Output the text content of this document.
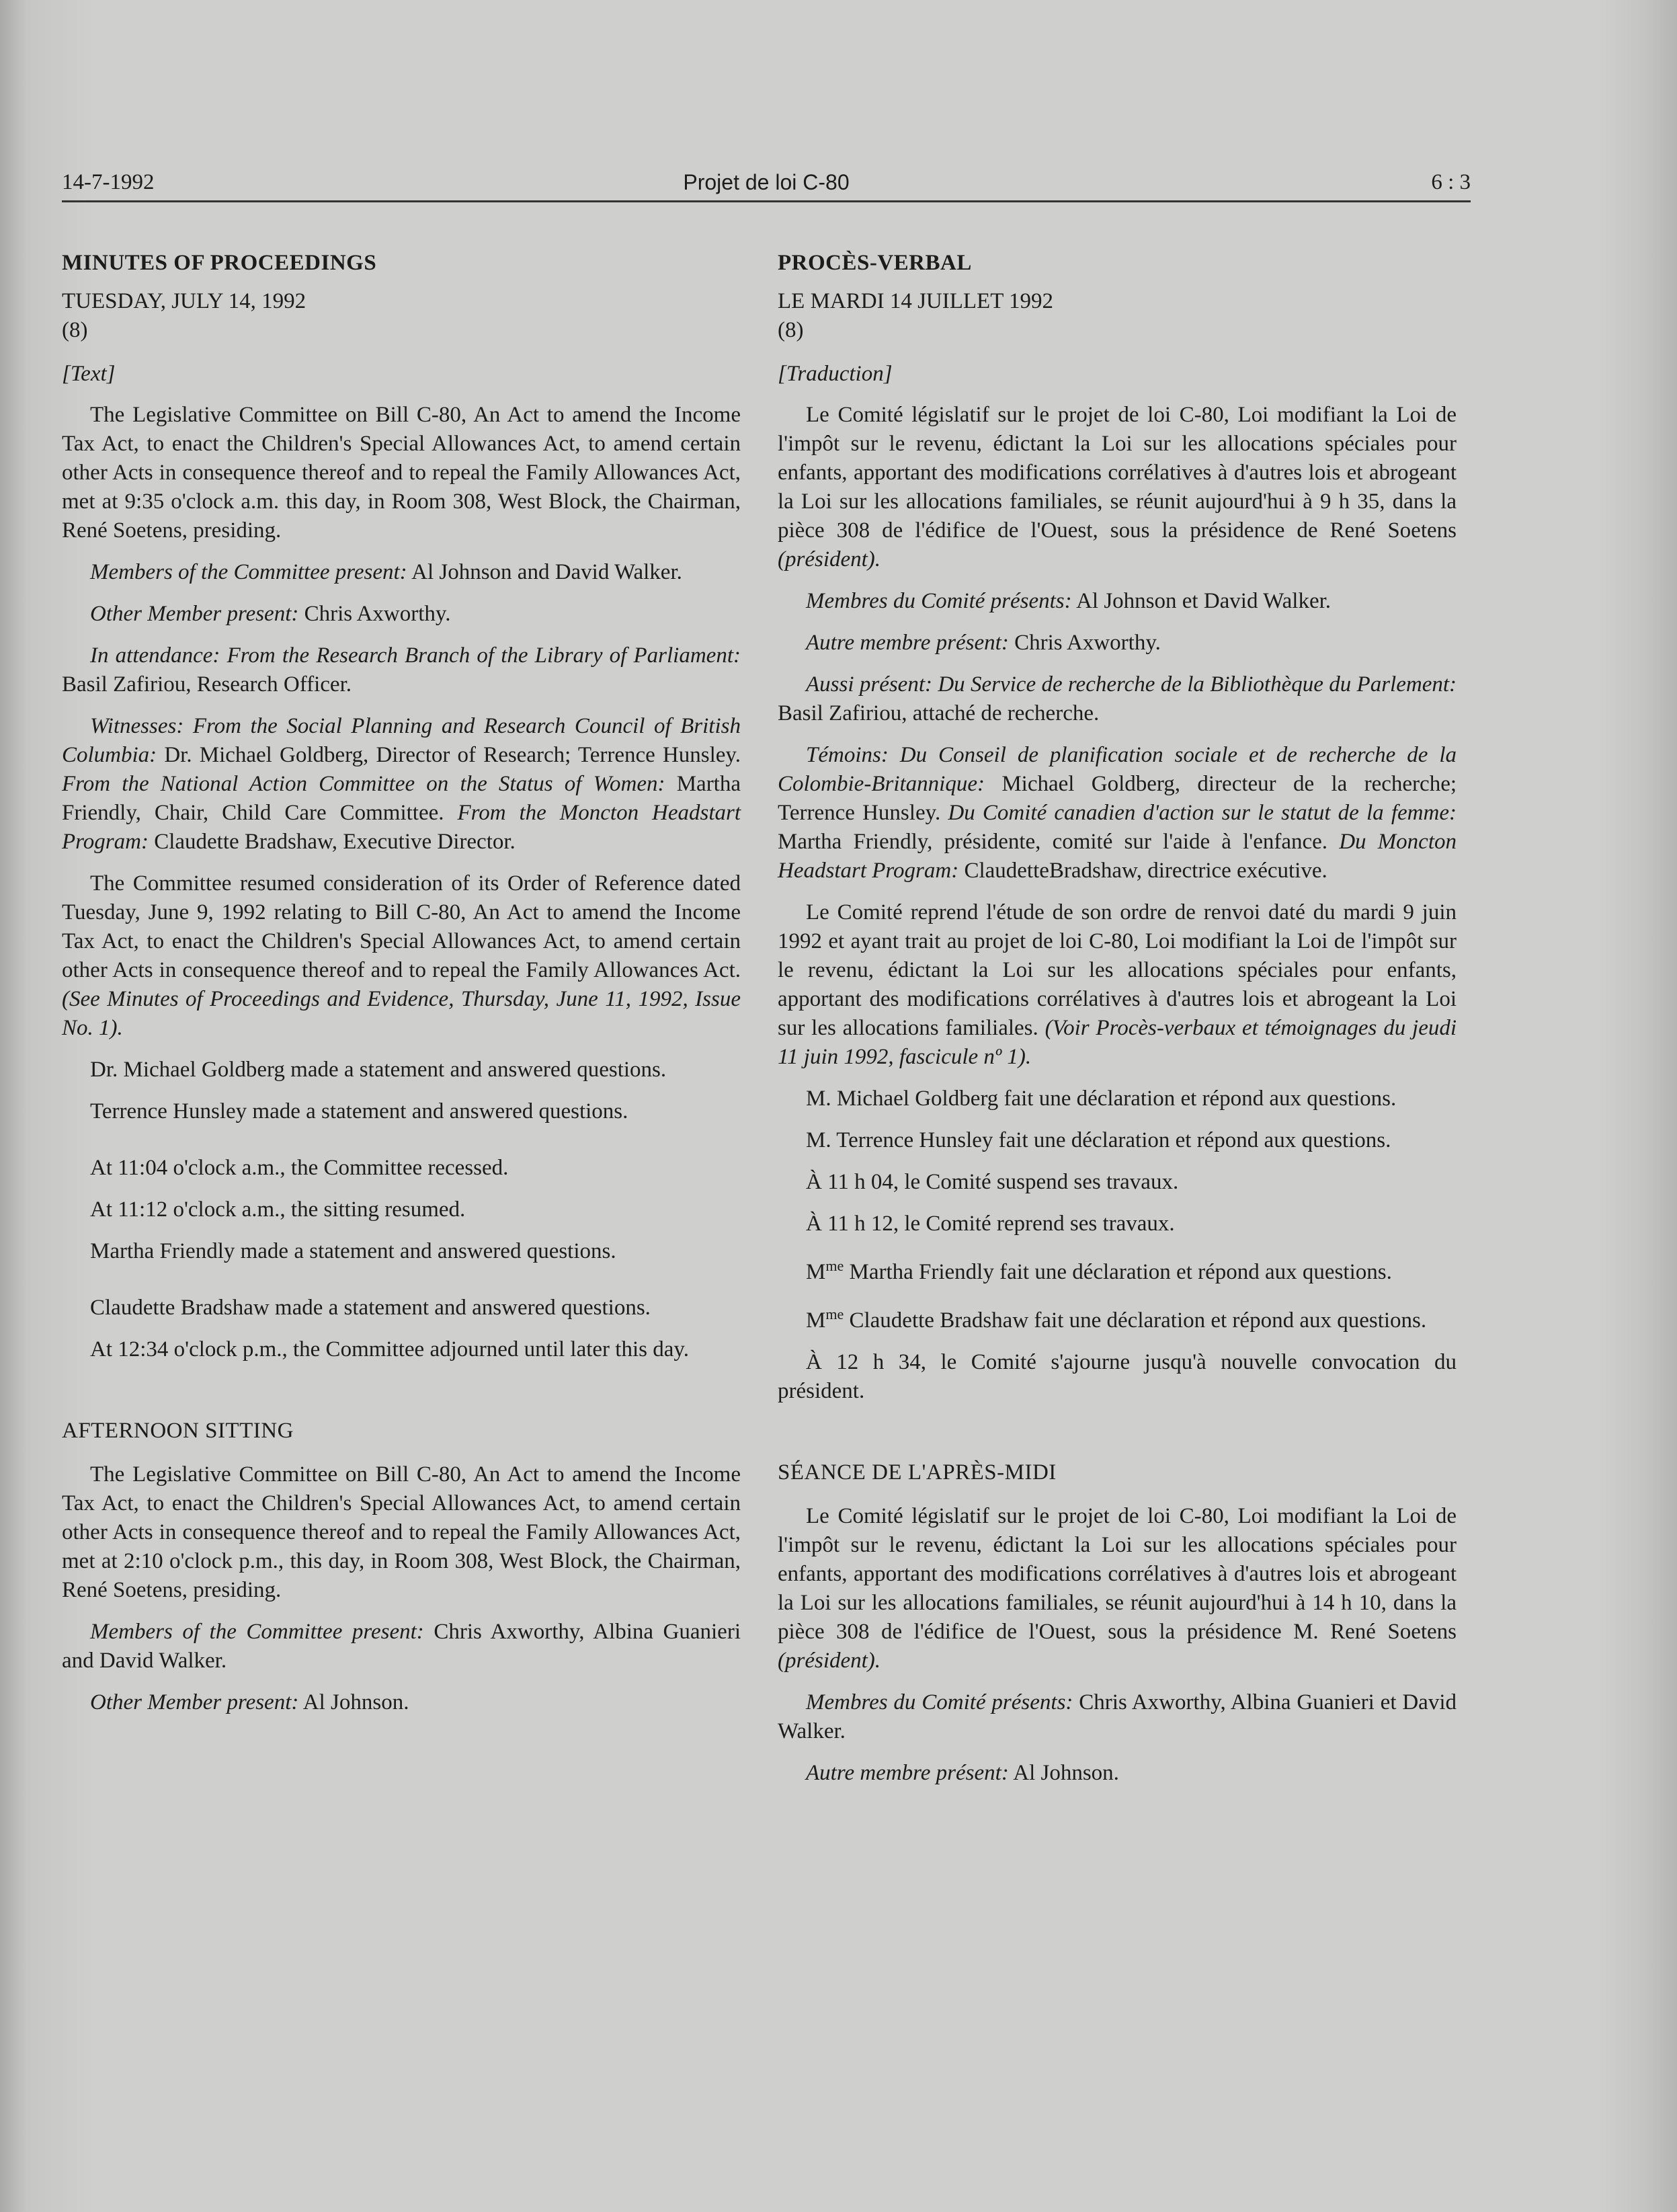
14-7-1992	Projet de loi C-80	6 : 3
MINUTES OF PROCEEDINGS
TUESDAY, JULY 14, 1992
(8)
[Text]

The Legislative Committee on Bill C-80, An Act to amend the Income Tax Act, to enact the Children's Special Allowances Act, to amend certain other Acts in consequence thereof and to repeal the Family Allowances Act, met at 9:35 o'clock a.m. this day, in Room 308, West Block, the Chairman, René Soetens, presiding.

Members of the Committee present: Al Johnson and David Walker.

Other Member present: Chris Axworthy.

In attendance: From the Research Branch of the Library of Parliament: Basil Zafiriou, Research Officer.

Witnesses: From the Social Planning and Research Council of British Columbia: Dr. Michael Goldberg, Director of Research; Terrence Hunsley. From the National Action Committee on the Status of Women: Martha Friendly, Chair, Child Care Committee. From the Moncton Headstart Program: Claudette Bradshaw, Executive Director.

The Committee resumed consideration of its Order of Reference dated Tuesday, June 9, 1992 relating to Bill C-80, An Act to amend the Income Tax Act, to enact the Children's Special Allowances Act, to amend certain other Acts in consequence thereof and to repeal the Family Allowances Act. (See Minutes of Proceedings and Evidence, Thursday, June 11, 1992, Issue No. 1).

Dr. Michael Goldberg made a statement and answered questions.

Terrence Hunsley made a statement and answered questions.

At 11:04 o'clock a.m., the Committee recessed.

At 11:12 o'clock a.m., the sitting resumed.

Martha Friendly made a statement and answered questions.

Claudette Bradshaw made a statement and answered questions.

At 12:34 o'clock p.m., the Committee adjourned until later this day.

AFTERNOON SITTING

The Legislative Committee on Bill C-80, An Act to amend the Income Tax Act, to enact the Children's Special Allowances Act, to amend certain other Acts in consequence thereof and to repeal the Family Allowances Act, met at 2:10 o'clock p.m., this day, in Room 308, West Block, the Chairman, René Soetens, presiding.

Members of the Committee present: Chris Axworthy, Albina Guanieri and David Walker.

Other Member present: Al Johnson.

PROCÈS-VERBAL
LE MARDI 14 JUILLET 1992
(8)
[Traduction]

Le Comité législatif sur le projet de loi C-80, Loi modifiant la Loi de l'impôt sur le revenu, édictant la Loi sur les allocations spéciales pour enfants, apportant des modifications corrélatives à d'autres lois et abrogeant la Loi sur les allocations familiales, se réunit aujourd'hui à 9 h 35, dans la pièce 308 de l'édifice de l'Ouest, sous la présidence de René Soetens (président).

Membres du Comité présents: Al Johnson et David Walker.

Autre membre présent: Chris Axworthy.

Aussi présent: Du Service de recherche de la Bibliothèque du Parlement: Basil Zafiriou, attaché de recherche.

Témoins: Du Conseil de planification sociale et de recherche de la Colombie-Britannique: Michael Goldberg, directeur de la recherche; Terrence Hunsley. Du Comité canadien d'action sur le statut de la femme: Martha Friendly, présidente, comité sur l'aide à l'enfance. Du Moncton Headstart Program: ClaudetteBradshaw, directrice exécutive.

Le Comité reprend l'étude de son ordre de renvoi daté du mardi 9 juin 1992 et ayant trait au projet de loi C-80, Loi modifiant la Loi de l'impôt sur le revenu, édictant la Loi sur les allocations spéciales pour enfants, apportant des modifications corrélatives à d'autres lois et abrogeant la Loi sur les allocations familiales. (Voir Procès-verbaux et témoignages du jeudi 11 juin 1992, fascicule nº 1).

M. Michael Goldberg fait une déclaration et répond aux questions.

M. Terrence Hunsley fait une déclaration et répond aux questions.

À 11 h 04, le Comité suspend ses travaux.

À 11 h 12, le Comité reprend ses travaux.

$M^{me}$ Martha Friendly fait une déclaration et répond aux questions.

$M^{me}$ Claudette Bradshaw fait une déclaration et répond aux questions.

À 12 h 34, le Comité s'ajourne jusqu'à nouvelle convocation du président.

SÉANCE DE L'APRÈS-MIDI

Le Comité législatif sur le projet de loi C-80, Loi modifiant la Loi de l'impôt sur le revenu, édictant la Loi sur les allocations spéciales pour enfants, apportant des modifications corrélatives à d'autres lois et abrogeant la Loi sur les allocations familiales, se réunit aujourd'hui à 14 h 10, dans la pièce 308 de l'édifice de l'Ouest, sous la présidence M. René Soetens (président).

Membres du Comité présents: Chris Axworthy, Albina Guanieri et David Walker.

Autre membre présent: Al Johnson.
